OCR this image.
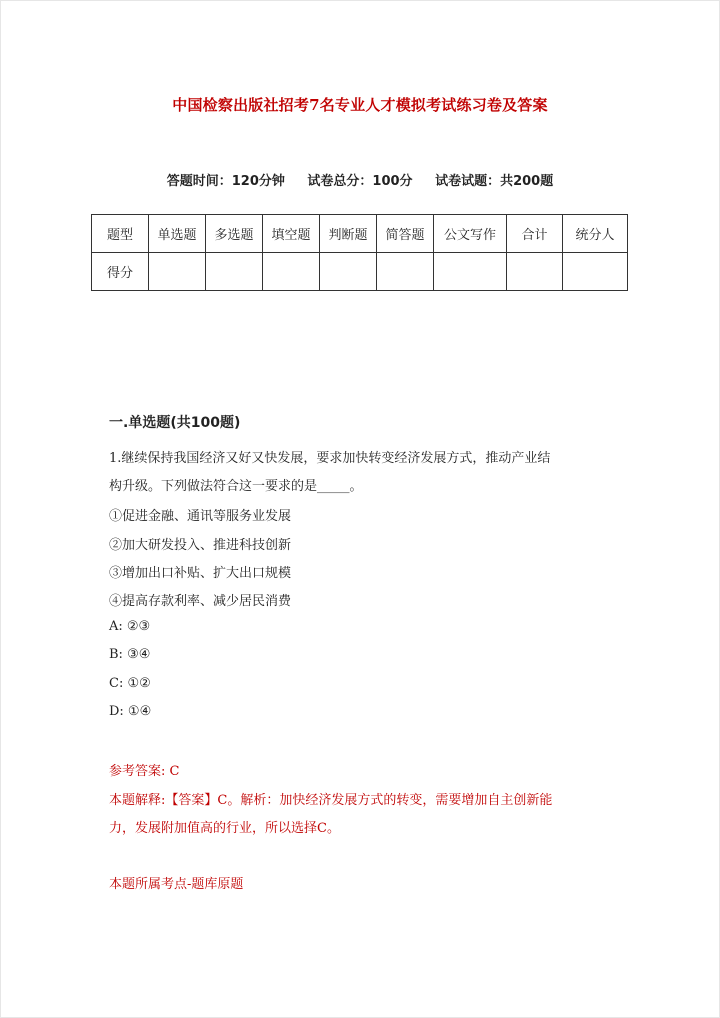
中国检察出版社招考7名专业人才模拟考试练习卷及答案
答题时间：120分钟 试卷总分：100分 试卷试题：共200题
题型	单选题	多选题	填空题	判断题	简答题	公文写作	合计	统分人
得分								
一.单选题(共100题)
1.继续保持我国经济又好又快发展，要求加快转变经济发展方式，推动产业结
构升级。下列做法符合这一要求的是_____。
①促进金融、通讯等服务业发展
②加大研发投入、推进科技创新
③增加出口补贴、扩大出口规模
④提高存款利率、减少居民消费
A: ②③
B: ③④
C: ①②
D: ①④
参考答案: C
本题解释:【答案】C。解析：加快经济发展方式的转变，需要增加自主创新能
力，发展附加值高的行业，所以选择C。
本题所属考点-题库原题
